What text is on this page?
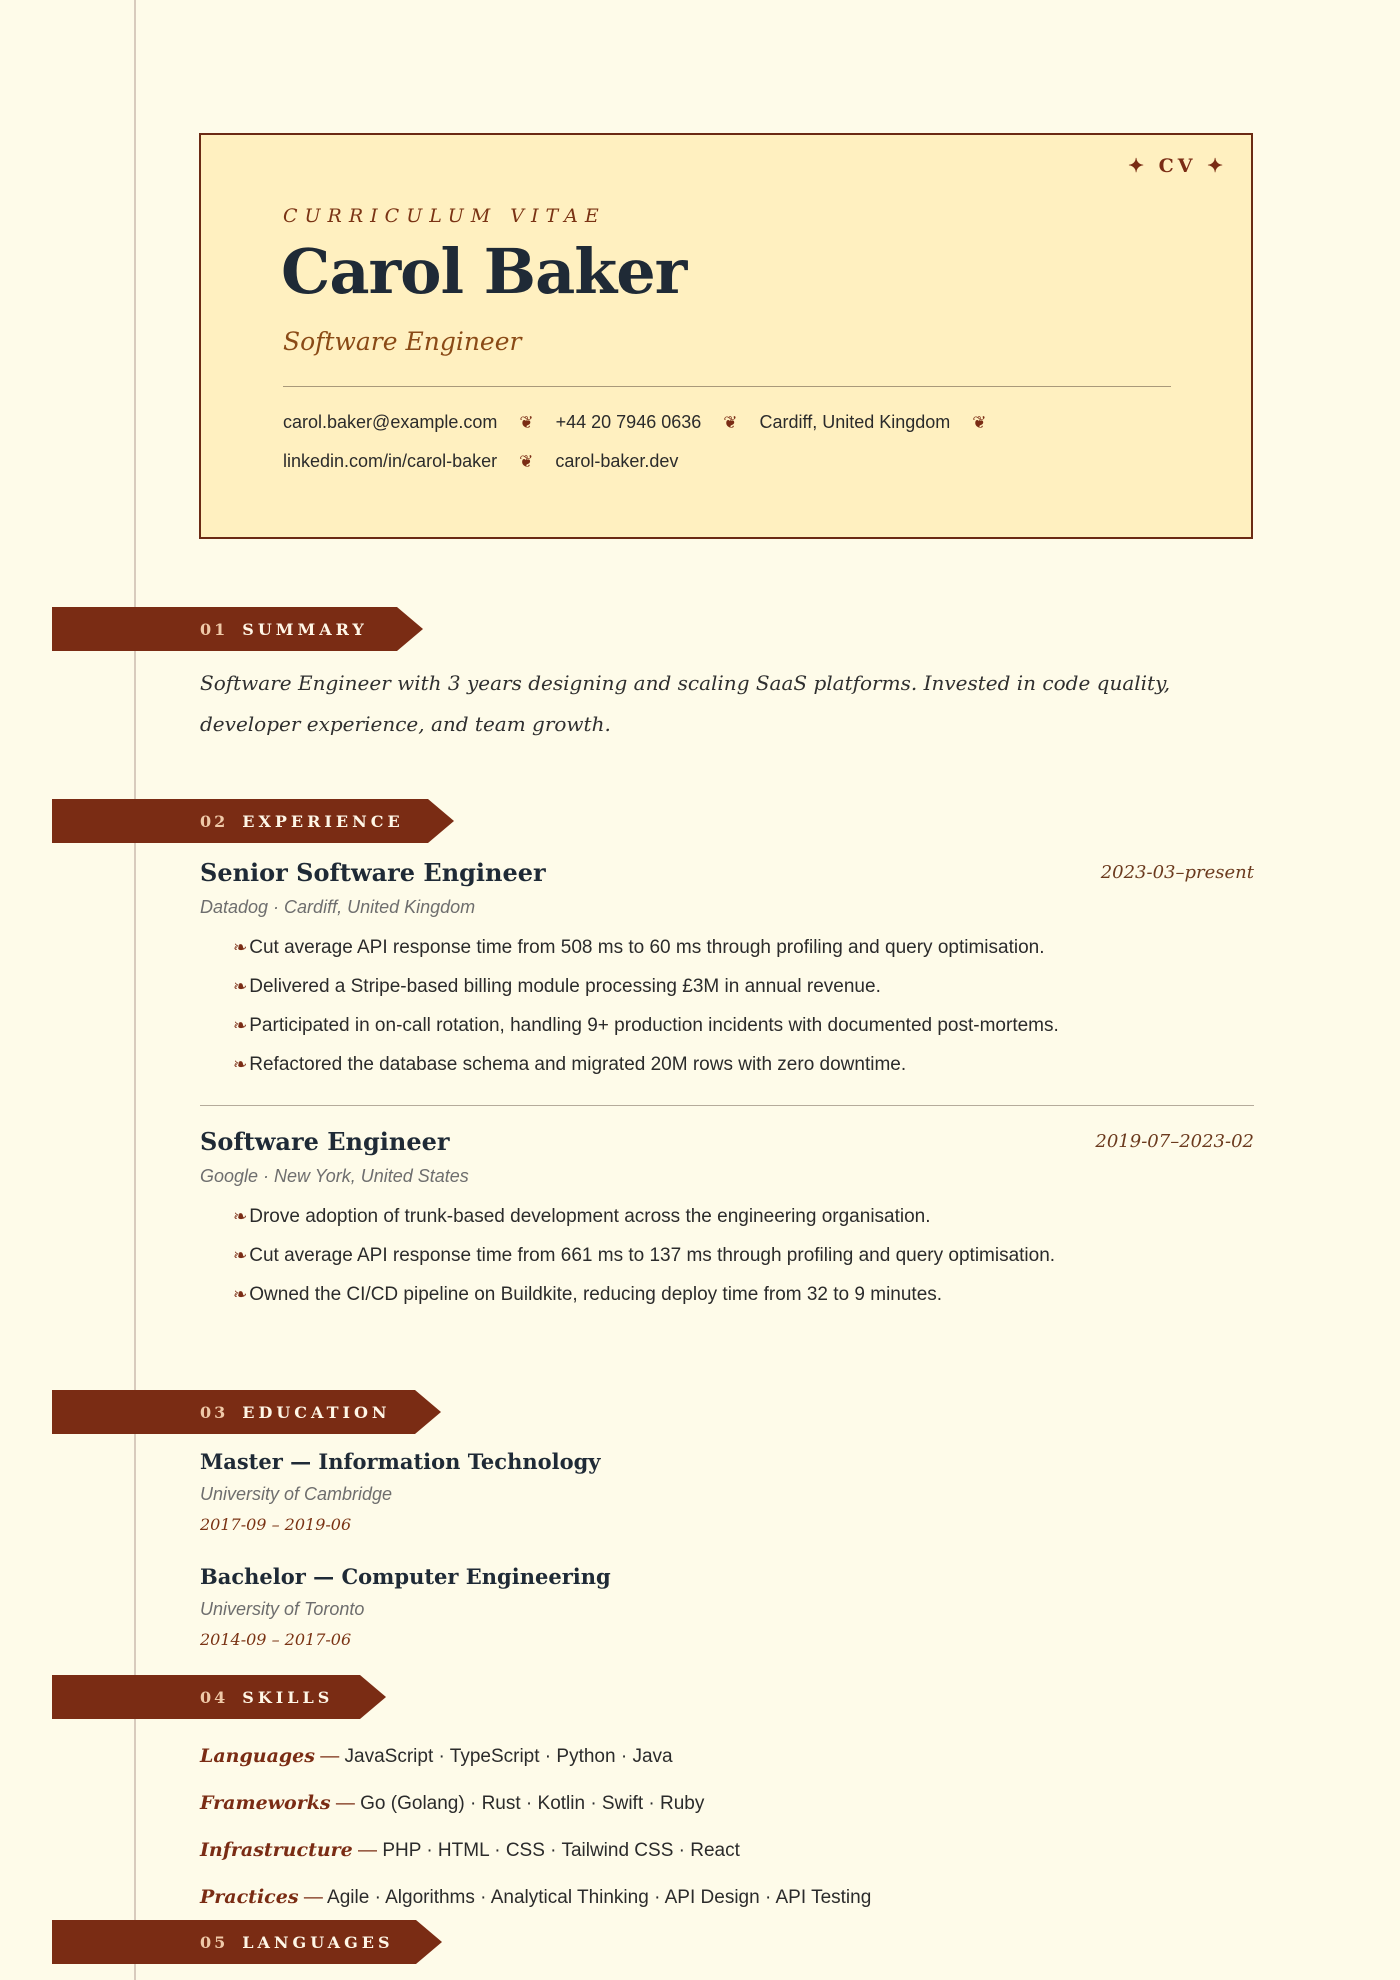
✦ CV ✦
CURRICULUM VITAE
Carol Baker
Software Engineer
carol.baker@example.com ❦ +44 20 7946 0636 ❦ Cardiff, United Kingdom ❦
linkedin.com/in/carol-baker ❦ carol-baker.dev
01 SUMMARY
Software Engineer with 3 years designing and scaling SaaS platforms. Invested in code quality, developer experience, and team growth.
02 EXPERIENCE
Senior Software Engineer	2023-03–present
Datadog · Cardiff, United Kingdom
❧ Cut average API response time from 508 ms to 60 ms through profiling and query optimisation.
❧ Delivered a Stripe-based billing module processing £3M in annual revenue.
❧ Participated in on-call rotation, handling 9+ production incidents with documented post-mortems.
❧ Refactored the database schema and migrated 20M rows with zero downtime.
Software Engineer	2019-07–2023-02
Google · New York, United States
❧ Drove adoption of trunk-based development across the engineering organisation.
❧ Cut average API response time from 661 ms to 137 ms through profiling and query optimisation.
❧ Owned the CI/CD pipeline on Buildkite, reducing deploy time from 32 to 9 minutes.
03 EDUCATION
Master — Information Technology
University of Cambridge
2017-09 – 2019-06
Bachelor — Computer Engineering
University of Toronto
2014-09 – 2017-06
04 SKILLS
Languages — JavaScript · TypeScript · Python · Java
Frameworks — Go (Golang) · Rust · Kotlin · Swift · Ruby
Infrastructure — PHP · HTML · CSS · Tailwind CSS · React
Practices — Agile · Algorithms · Analytical Thinking · API Design · API Testing
05 LANGUAGES
